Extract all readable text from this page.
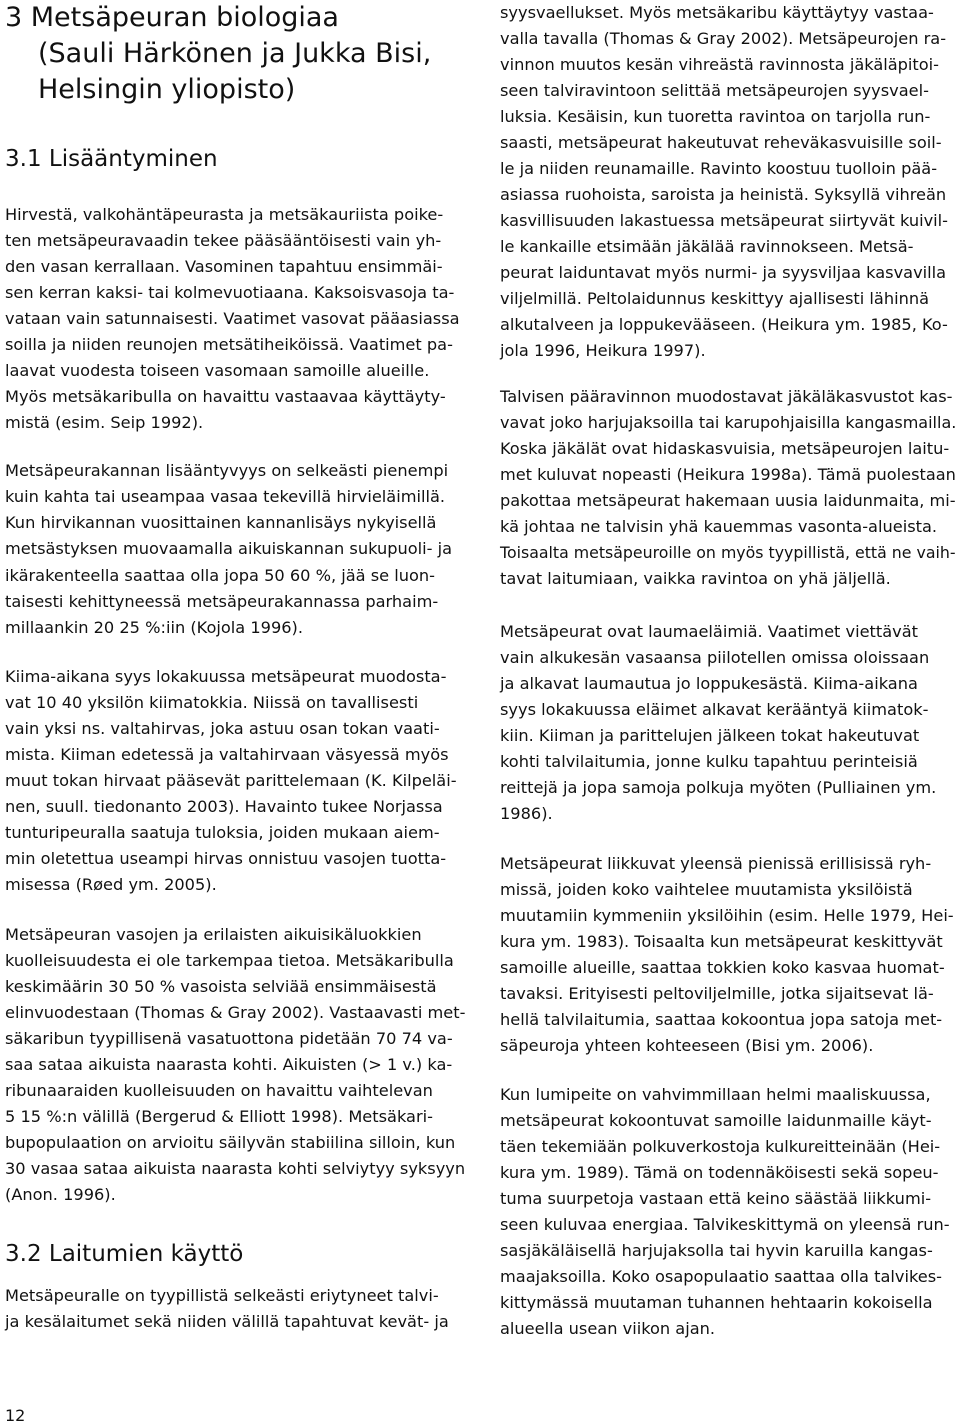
3 Metsäpeuran biologiaa
(Sauli Härkönen ja Jukka Bisi,
Helsingin yliopisto)
3.1 Lisääntyminen
Hirvestä, valkohäntäpeurasta ja metsäkauriista poike-
ten metsäpeuravaadin tekee pääsääntöisesti vain yh-
den vasan kerrallaan. Vasominen tapahtuu ensimmäi-
sen kerran kaksi- tai kolmevuotiaana. Kaksoisvasoja ta-
vataan vain satunnaisesti. Vaatimet vasovat pääasiassa
soilla ja niiden reunojen metsätiheiköissä. Vaatimet pa-
laavat vuodesta toiseen vasomaan samoille alueille.
Myös metsäkaribulla on havaittu vastaavaa käyttäyty-
mistä (esim. Seip 1992).
Metsäpeurakannan lisääntyvyys on selkeästi pienempi
kuin kahta tai useampaa vasaa tekevillä hirvieläimillä.
Kun hirvikannan vuosittainen kannanlisäys nykyisellä
metsästyksen muovaamalla aikuiskannan sukupuoli- ja
ikärakenteella saattaa olla jopa 50 60 %, jää se luon-
taisesti kehittyneessä metsäpeurakannassa parhaim-
millaankin 20 25 %:iin (Kojola 1996).
Kiima-aikana syys lokakuussa metsäpeurat muodosta-
vat 10 40 yksilön kiimatokkia. Niissä on tavallisesti
vain yksi ns. valtahirvas, joka astuu osan tokan vaati-
mista. Kiiman edetessä ja valtahirvaan väsyessä myös
muut tokan hirvaat pääsevät parittelemaan (K. Kilpeläi-
nen, suull. tiedonanto 2003). Havainto tukee Norjassa
tunturipeuralla saatuja tuloksia, joiden mukaan aiem-
min oletettua useampi hirvas onnistuu vasojen tuotta-
misessa (Røed ym. 2005).
Metsäpeuran vasojen ja erilaisten aikuisikäluokkien
kuolleisuudesta ei ole tarkempaa tietoa. Metsäkaribulla
keskimäärin 30 50 % vasoista selviää ensimmäisestä
elinvuodestaan (Thomas & Gray 2002). Vastaavasti met-
säkaribun tyypillisenä vasatuottona pidetään 70 74 va-
saa sataa aikuista naarasta kohti. Aikuisten (> 1 v.) ka-
ribunaaraiden kuolleisuuden on havaittu vaihtelevan
5 15 %:n välillä (Bergerud & Elliott 1998). Metsäkari-
bupopulaation on arvioitu säilyvän stabiilina silloin, kun
30 vasaa sataa aikuista naarasta kohti selviytyy syksyyn
(Anon. 1996).
3.2 Laitumien käyttö
Metsäpeuralle on tyypillistä selkeästi eriytyneet talvi-
ja kesälaitumet sekä niiden välillä tapahtuvat kevät- ja
syysvaellukset. Myös metsäkaribu käyttäytyy vastaa-
valla tavalla (Thomas & Gray 2002). Metsäpeurojen ra-
vinnon muutos kesän vihreästä ravinnosta jäkäläpitoi-
seen talviravintoon selittää metsäpeurojen syysvael-
luksia. Kesäisin, kun tuoretta ravintoa on tarjolla run-
saasti, metsäpeurat hakeutuvat reheväkasvuisille soil-
le ja niiden reunamaille. Ravinto koostuu tuolloin pää-
asiassa ruohoista, saroista ja heinistä. Syksyllä vihreän
kasvillisuuden lakastuessa metsäpeurat siirtyvät kuivil-
le kankaille etsimään jäkälää ravinnokseen. Metsä-
peurat laiduntavat myös nurmi- ja syysviljaa kasvavilla
viljelmillä. Peltolaidunnus keskittyy ajallisesti lähinnä
alkutalveen ja loppukevääseen. (Heikura ym. 1985, Ko-
jola 1996, Heikura 1997).
Talvisen pääravinnon muodostavat jäkäläkasvustot kas-
vavat joko harjujaksoilla tai karupohjaisilla kangasmailla.
Koska jäkälät ovat hidaskasvuisia, metsäpeurojen laitu-
met kuluvat nopeasti (Heikura 1998a). Tämä puolestaan
pakottaa metsäpeurat hakemaan uusia laidunmaita, mi-
kä johtaa ne talvisin yhä kauemmas vasonta-alueista.
Toisaalta metsäpeuroille on myös tyypillistä, että ne vaih-
tavat laitumiaan, vaikka ravintoa on yhä jäljellä.
Metsäpeurat ovat laumaeläimiä. Vaatimet viettävät
vain alkukesän vasaansa piilotellen omissa oloissaan
ja alkavat laumautua jo loppukesästä. Kiima-aikana
syys lokakuussa eläimet alkavat kerääntyä kiimatok-
kiin. Kiiman ja parittelujen jälkeen tokat hakeutuvat
kohti talvilaitumia, jonne kulku tapahtuu perinteisiä
reittejä ja jopa samoja polkuja myöten (Pulliainen ym.
1986).
Metsäpeurat liikkuvat yleensä pienissä erillisissä ryh-
missä, joiden koko vaihtelee muutamista yksilöistä
muutamiin kymmeniin yksilöihin (esim. Helle 1979, Hei-
kura ym. 1983). Toisaalta kun metsäpeurat keskittyvät
samoille alueille, saattaa tokkien koko kasvaa huomat-
tavaksi. Erityisesti peltoviljelmille, jotka sijaitsevat lä-
hellä talvilaitumia, saattaa kokoontua jopa satoja met-
säpeuroja yhteen kohteeseen (Bisi ym. 2006).
Kun lumipeite on vahvimmillaan helmi maaliskuussa,
metsäpeurat kokoontuvat samoille laidunmaille käyt-
täen tekemiään polkuverkostoja kulkureitteinään (Hei-
kura ym. 1989). Tämä on todennäköisesti sekä sopeu-
tuma suurpetoja vastaan että keino säästää liikkumi-
seen kuluvaa energiaa. Talvikeskittymä on yleensä run-
sasjäkäläisellä harjujaksolla tai hyvin karuilla kangas-
maajaksoilla. Koko osapopulaatio saattaa olla talvikes-
kittymässä muutaman tuhannen hehtaarin kokoisella
alueella usean viikon ajan.
12
